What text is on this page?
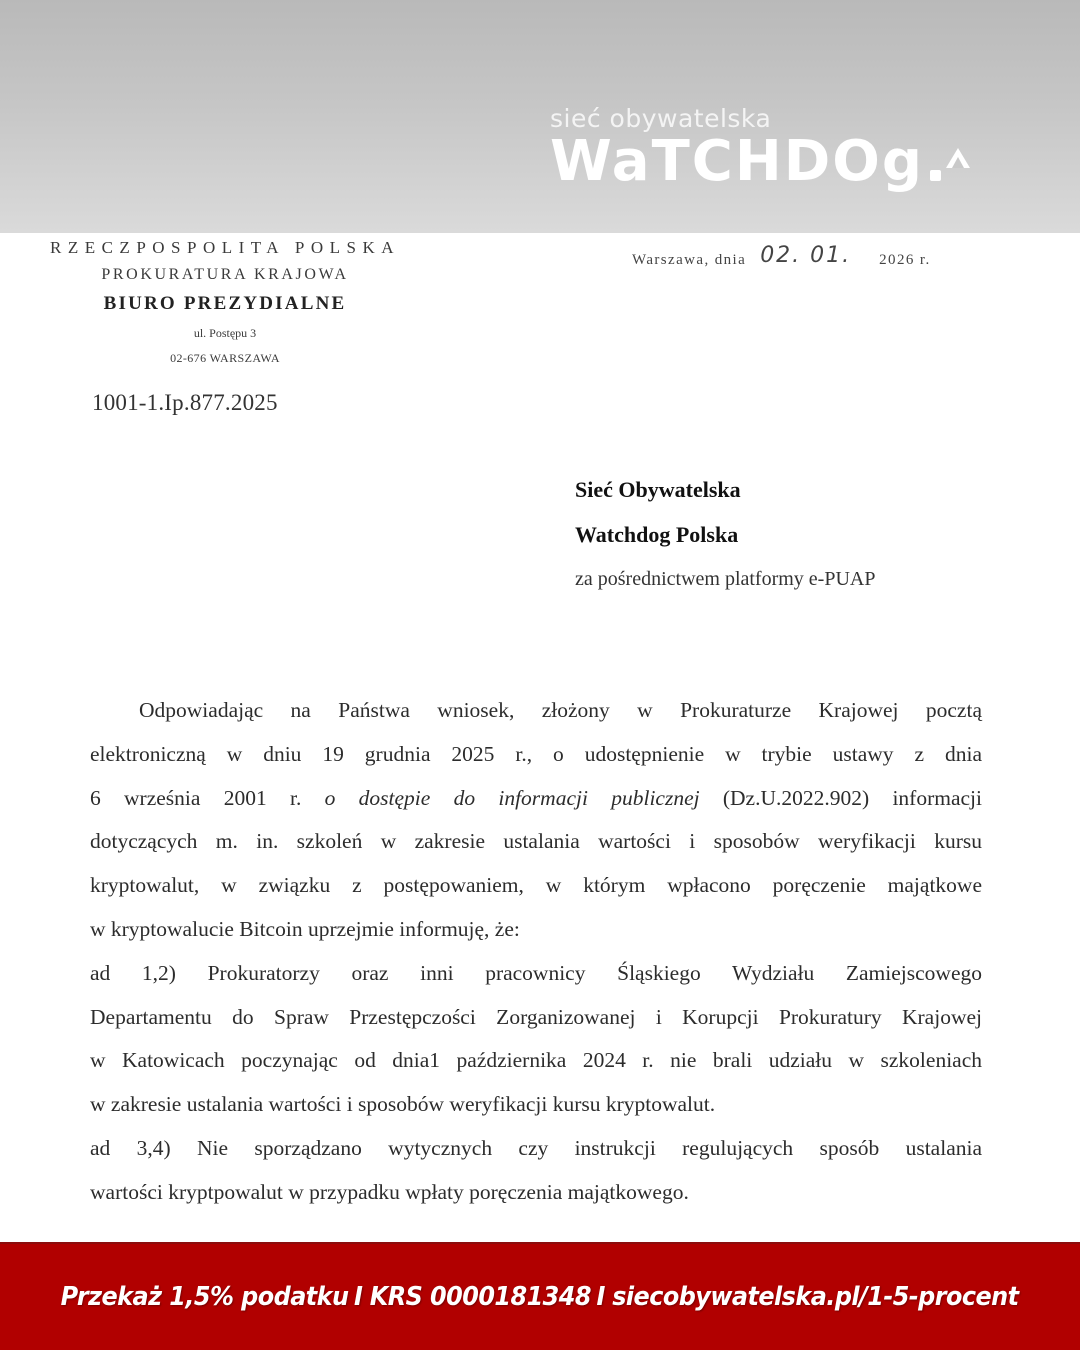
sieć obywatelska
WaTCHDOg
RZECZPOSPOLITA POLSKA
PROKURATURA KRAJOWA
BIURO PREZYDIALNE
ul. Postępu 3
02-676 WARSZAWA
1001-1.Ip.877.2025
Warszawa, dnia 02. 01. 2026 r.
Sieć Obywatelska
Watchdog Polska
za pośrednictwem platformy e-PUAP
Odpowiadając na Państwa wniosek, złożony w Prokuraturze Krajowej pocztą
elektroniczną w dniu 19 grudnia 2025 r., o udostępnienie w trybie ustawy z dnia
6 września 2001 r. o dostępie do informacji publicznej (Dz.U.2022.902) informacji
dotyczących m. in. szkoleń w zakresie ustalania wartości i sposobów weryfikacji kursu
kryptowalut, w związku z postępowaniem, w którym wpłacono poręczenie majątkowe
w kryptowalucie Bitcoin uprzejmie informuję, że:
ad 1,2) Prokuratorzy oraz inni pracownicy Śląskiego Wydziału Zamiejscowego
Departamentu do Spraw Przestępczości Zorganizowanej i Korupcji Prokuratury Krajowej
w Katowicach poczynając od dnia1 października 2024 r. nie brali udziału w szkoleniach
w zakresie ustalania wartości i sposobów weryfikacji kursu kryptowalut.
ad 3,4) Nie sporządzano wytycznych czy instrukcji regulujących sposób ustalania
wartości kryptpowalut w przypadku wpłaty poręczenia majątkowego.
Przekaż 1,5% podatku I KRS 0000181348 I siecobywatelska.pl/1-5-procent
